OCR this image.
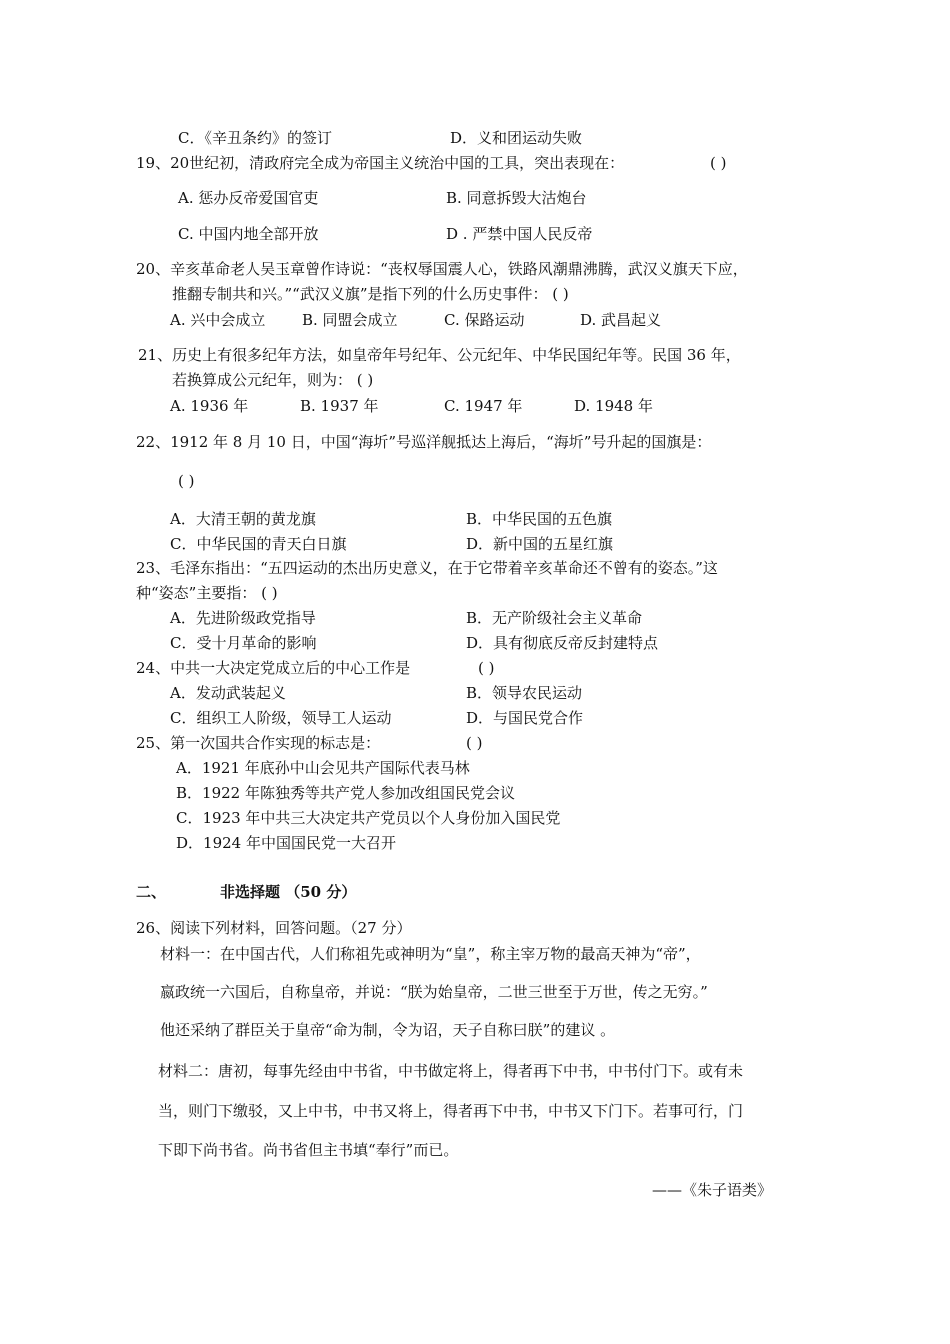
C．《辛丑条约》的签订	D．义和团运动失败
19、20世纪初，清政府完全成为帝国主义统治中国的工具，突出表现在：	( )
A. 惩办反帝爱国官吏	B. 同意拆毁大沽炮台
C. 中国内地全部开放	D . 严禁中国人民反帝
20、辛亥革命老人吴玉章曾作诗说：“丧权辱国震人心，铁路风潮鼎沸腾，武汉义旗天下应，
推翻专制共和兴。”“武汉义旗”是指下列的什么历史事件： ( )
A. 兴中会成立 B. 同盟会成立	C. 保路运动	D. 武昌起义
21、历史上有很多纪年方法，如皇帝年号纪年、公元纪年、中华民国纪年等。民国 36 年，
若换算成公元纪年，则为： ( )
A. 1936 年	B. 1937 年	C. 1947 年	D. 1948 年
22、1912 年 8 月 10 日，中国“海圻”号巡洋舰抵达上海后，“海圻”号升起的国旗是：
( )
A．大清王朝的黄龙旗	B．中华民国的五色旗
C．中华民国的青天白日旗	D．新中国的五星红旗
23、毛泽东指出：“五四运动的杰出历史意义，在于它带着辛亥革命还不曾有的姿态。”这
种“姿态”主要指： ( )
A．先进阶级政党指导	B．无产阶级社会主义革命
C．受十月革命的影响	D．具有彻底反帝反封建特点
24、中共一大决定党成立后的中心工作是	( )
A．发动武装起义	B．领导农民运动
C．组织工人阶级，领导工人运动	D．与国民党合作
25、第一次国共合作实现的标志是：	( )
A．1921 年底孙中山会见共产国际代表马林
B．1922 年陈独秀等共产党人参加改组国民党会议
C．1923 年中共三大决定共产党员以个人身份加入国民党
D．1924 年中国国民党一大召开
二、	非选择题 （50 分）
26、阅读下列材料，回答问题。（27 分）
材料一：在中国古代，人们称祖先或神明为“皇”，称主宰万物的最高天神为“帝”，
嬴政统一六国后，自称皇帝，并说：“朕为始皇帝，二世三世至于万世，传之无穷。”
他还采纳了群臣关于皇帝“命为制，令为诏，天子自称曰朕”的建议 。
材料二：唐初，每事先经由中书省，中书做定将上，得者再下中书，中书付门下。或有未
当，则门下缴驳，又上中书，中书又将上，得者再下中书，中书又下门下。若事可行，门
下即下尚书省。尚书省但主书填“奉行”而已。
——《朱子语类》
